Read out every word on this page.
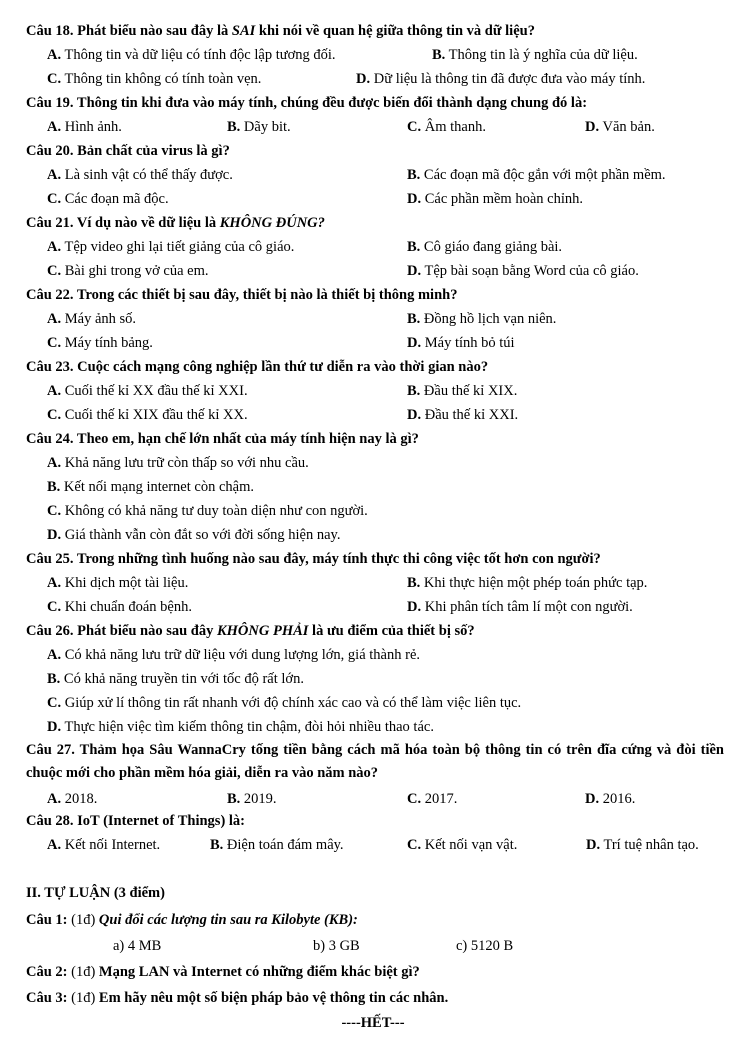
Câu 18. Phát biểu nào sau đây là SAI khi nói về quan hệ giữa thông tin và dữ liệu?
A. Thông tin và dữ liệu có tính độc lập tương đối.	B. Thông tin là ý nghĩa của dữ liệu.
C. Thông tin không có tính toàn vẹn.	D. Dữ liệu là thông tin đã được đưa vào máy tính.
Câu 19. Thông tin khi đưa vào máy tính, chúng đều được biến đổi thành dạng chung đó là:
A. Hình ảnh.	B. Dãy bit.	C. Âm thanh.	D. Văn bản.
Câu 20. Bản chất của virus là gì?
A. Là sinh vật có thể thấy được.	B. Các đoạn mã độc gắn với một phần mềm.
C. Các đoạn mã độc.	D. Các phần mềm hoàn chỉnh.
Câu 21. Ví dụ nào về dữ liệu là KHÔNG ĐÚNG?
A. Tệp video ghi lại tiết giảng của cô giáo.	B. Cô giáo đang giảng bài.
C. Bài ghi trong vở của em.	D. Tệp bài soạn bằng Word của cô giáo.
Câu 22. Trong các thiết bị sau đây, thiết bị nào là thiết bị thông minh?
A. Máy ảnh số.	B. Đồng hồ lịch vạn niên.
C. Máy tính bảng.	D. Máy tính bỏ túi
Câu 23. Cuộc cách mạng công nghiệp lần thứ tư diễn ra vào thời gian nào?
A. Cuối thế kỉ XX đầu thế kỉ XXI.	B. Đầu thế kỉ XIX.
C. Cuối thế kỉ XIX đầu thế kỉ XX.	D. Đầu thế kỉ XXI.
Câu 24. Theo em, hạn chế lớn nhất của máy tính hiện nay là gì?
A. Khả năng lưu trữ còn thấp so với nhu cầu.
B. Kết nối mạng internet còn chậm.
C. Không có khả năng tư duy toàn diện như con người.
D. Giá thành vẫn còn đắt so với đời sống hiện nay.
Câu 25. Trong những tình huống nào sau đây, máy tính thực thi công việc tốt hơn con người?
A. Khi dịch một tài liệu.	B. Khi thực hiện một phép toán phức tạp.
C. Khi chuẩn đoán bệnh.	D. Khi phân tích tâm lí một con người.
Câu 26. Phát biểu nào sau đây KHÔNG PHẢI là ưu điểm của thiết bị số?
A. Có khả năng lưu trữ dữ liệu với dung lượng lớn, giá thành rẻ.
B. Có khả năng truyền tin với tốc độ rất lớn.
C. Giúp xử lí thông tin rất nhanh với độ chính xác cao và có thể làm việc liên tục.
D. Thực hiện việc tìm kiếm thông tin chậm, đòi hỏi nhiều thao tác.
Câu 27. Thảm họa Sâu WannaCry tống tiền bằng cách mã hóa toàn bộ thông tin có trên đĩa cứng và đòi tiền chuộc mới cho phần mềm hóa giải, diễn ra vào năm nào?
A. 2018.	B. 2019.	C. 2017.	D. 2016.
Câu 28. IoT (Internet of Things) là:
A. Kết nối Internet.	B. Điện toán đám mây.	C. Kết nối vạn vật.	D. Trí tuệ nhân tạo.
II. TỰ LUẬN (3 điểm)
Câu 1: (1đ) Qui đổi các lượng tin sau ra Kilobyte (KB):
a) 4 MB	b) 3 GB	c) 5120 B
Câu 2: (1đ) Mạng LAN và Internet có những điểm khác biệt gì?
Câu 3: (1đ) Em hãy nêu một số biện pháp bảo vệ thông tin các nhân.
----HẾT---
